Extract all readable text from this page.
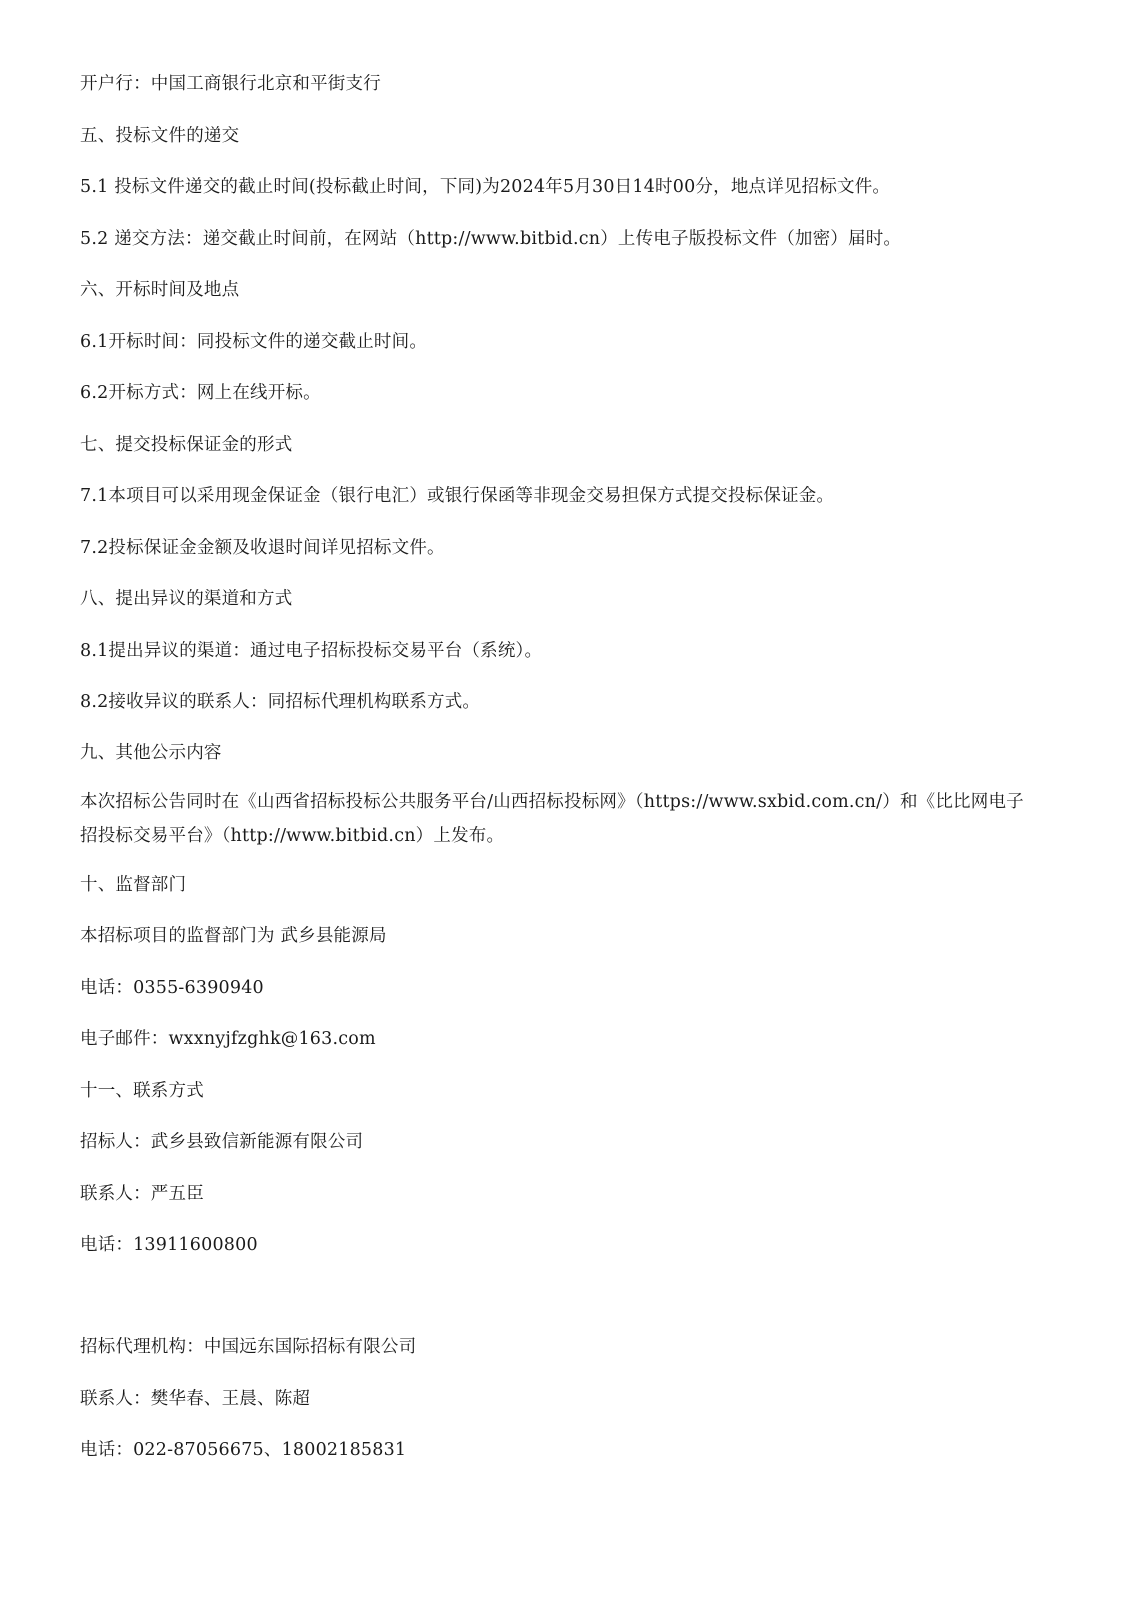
开户行：中国工商银行北京和平街支行
五、投标文件的递交
5.1 投标文件递交的截止时间(投标截止时间，下同)为2024年5月30日14时00分，地点详见招标文件。
5.2 递交方法：递交截止时间前，在网站（http://www.bitbid.cn）上传电子版投标文件（加密）届时。
六、开标时间及地点
6.1开标时间：同投标文件的递交截止时间。
6.2开标方式：网上在线开标。
七、提交投标保证金的形式
7.1本项目可以采用现金保证金（银行电汇）或银行保函等非现金交易担保方式提交投标保证金。
7.2投标保证金金额及收退时间详见招标文件。
八、提出异议的渠道和方式
8.1提出异议的渠道：通过电子招标投标交易平台（系统）。
8.2接收异议的联系人：同招标代理机构联系方式。
九、其他公示内容
本次招标公告同时在《山西省招标投标公共服务平台/山西招标投标网》（https://www.sxbid.com.cn/）和《比比网电子招投标交易平台》（http://www.bitbid.cn）上发布。
十、监督部门
本招标项目的监督部门为 武乡县能源局
电话：0355-6390940
电子邮件：wxxnyjfzghk@163.com
十一、联系方式
招标人：武乡县致信新能源有限公司
联系人：严五臣
电话：13911600800
招标代理机构：中国远东国际招标有限公司
联系人：樊华春、王晨、陈超
电话：022-87056675、18002185831
